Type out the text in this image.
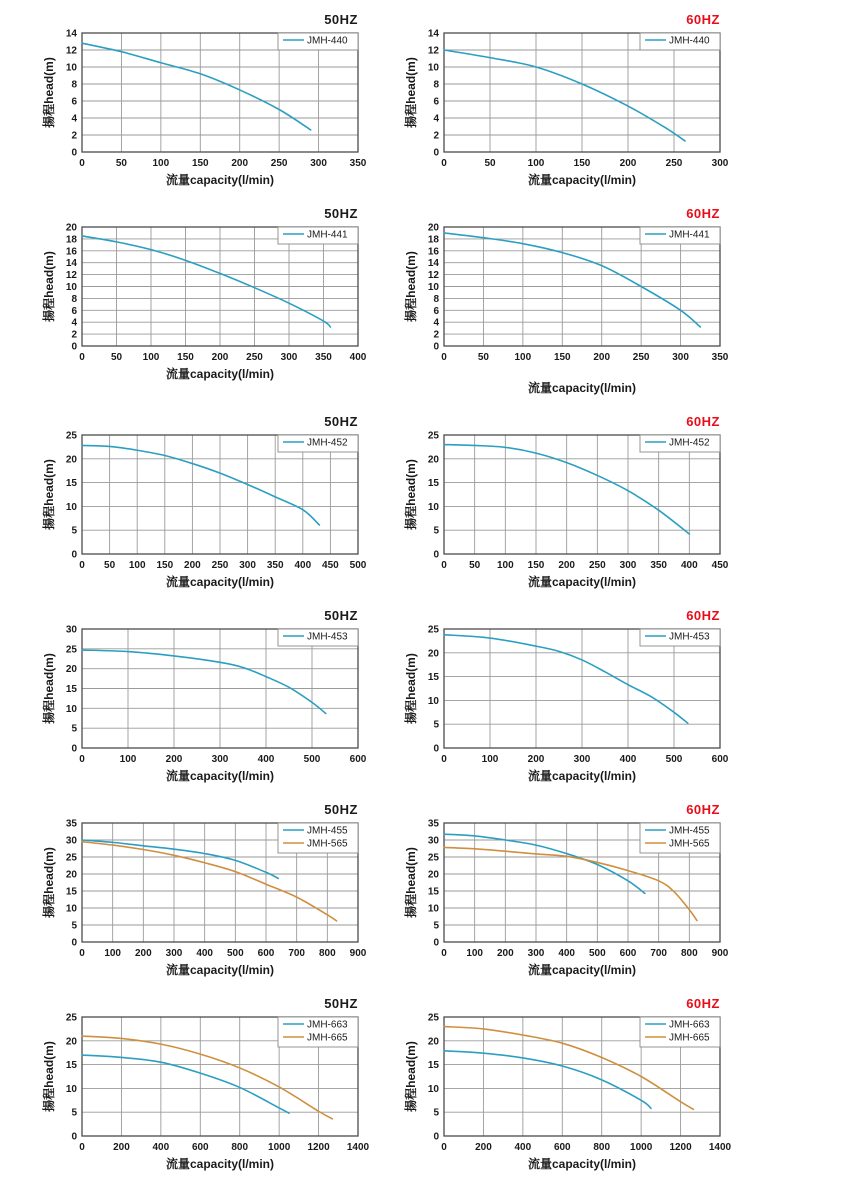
50HZ
0	50	100 150 200 250 300 350
0
2
4
6
8
10
12
14
JMH-440
揚程head(m)
流量capacity(l/min)
60HZ
0	50	100	150	200	250	300
0
2
4
6
8
10
12
14
JMH-440
揚程head(m)
流量capacity(l/min)
50HZ
0	50 100 150 200 250 300 350 400
0
2
4
6
8
10
12
14
16
18
20
JMH-441
揚程head(m)
流量capacity(l/min)
60HZ
0	50	100 150 200 250 300 350
0
2
4
6
8
10
12
14
16
18
20
JMH-441
揚程head(m)
流量capacity(l/min)
50HZ
0 50 100 150 200 250 300 350 400 450 500
0
5
10
15
20
25
JMH-452
揚程head(m)
流量capacity(l/min)
60HZ
0 50 100 150 200 250 300 350 400 450
0
5
10
15
20
25
JMH-452
揚程head(m)
流量capacity(l/min)
50HZ
0	100	200	300	400	500	600
0
5
10
15
20
25
30
JMH-453
揚程head(m)
流量capacity(l/min)
60HZ
0	100	200	300	400	500	600
0
5
10
15
20
25
JMH-453
揚程head(m)
流量capacity(l/min)
50HZ
0 100 200 300 400 500 600 700 800 900
0
5
10
15
20
25
30
35
JMH-455
JMH-565
揚程head(m)
流量capacity(l/min)
60HZ
0 100 200 300 400 500 600 700 800 900
0
5
10
15
20
25
30
35
JMH-455
JMH-565
揚程head(m)
流量capacity(l/min)
50HZ
0	200 400 600 800 1000 1200 1400
0
5
10
15
20
25
JMH-663
JMH-665
揚程head(m)
流量capacity(l/min)
60HZ
0	200 400 600 800 1000 1200 1400
0
5
10
15
20
25
JMH-663
JMH-665
揚程head(m)
流量capacity(l/min)
